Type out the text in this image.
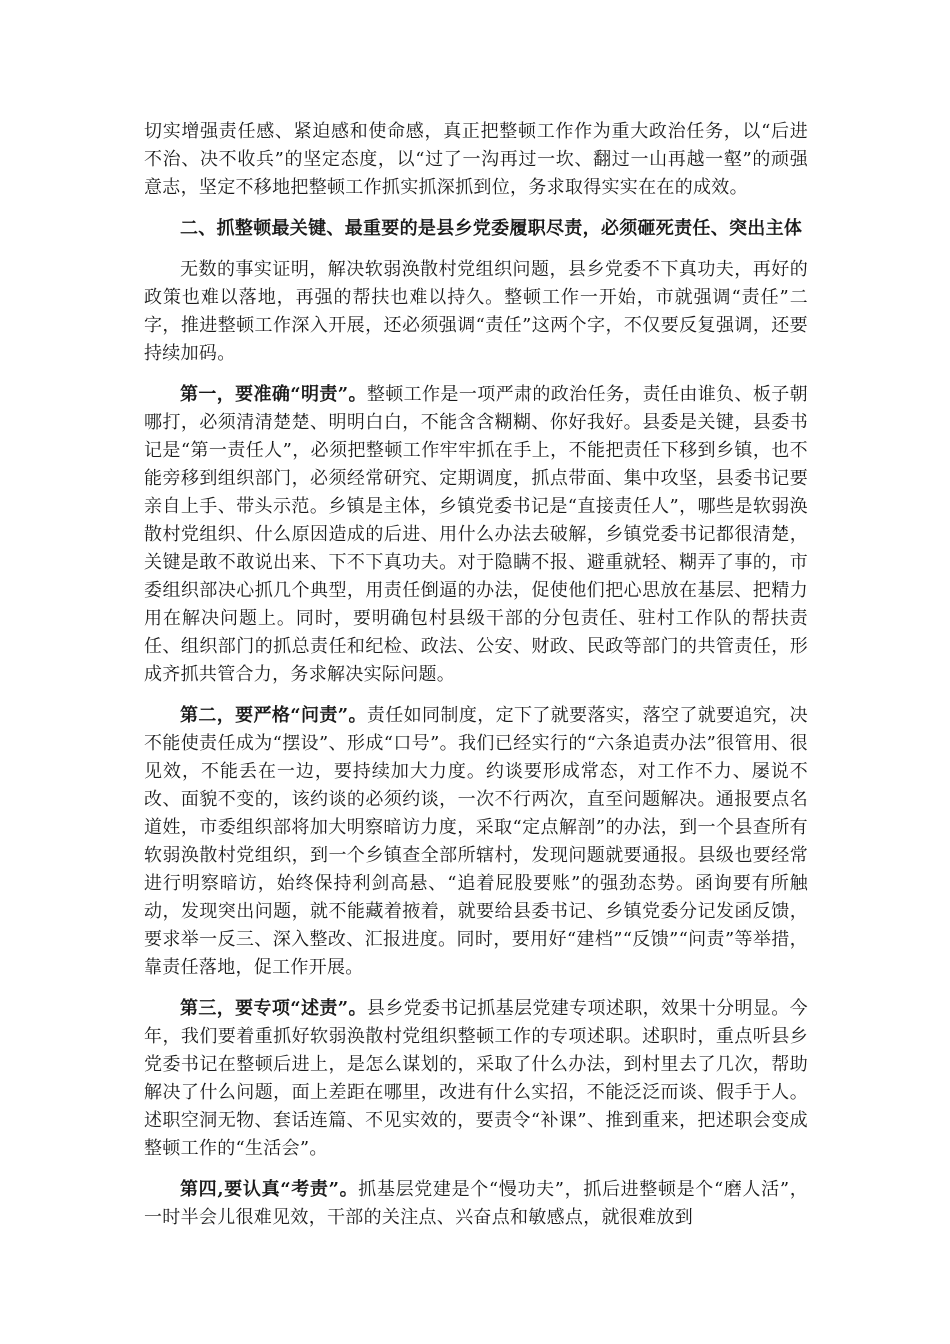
切实增强责任感、紧迫感和使命感，真正把整顿工作作为重大政治任务，以“后进不治、决不收兵”的坚定态度，以“过了一沟再过一坎、翻过一山再越一壑”的顽强意志，坚定不移地把整顿工作抓实抓深抓到位，务求取得实实在在的成效。

二、抓整顿最关键、最重要的是县乡党委履职尽责，必须砸死责任、突出主体

无数的事实证明，解决软弱涣散村党组织问题，县乡党委不下真功夫，再好的政策也难以落地，再强的帮扶也难以持久。整顿工作一开始，市就强调“责任”二字，推进整顿工作深入开展，还必须强调“责任”这两个字，不仅要反复强调，还要持续加码。

第一，要准确“明责”。整顿工作是一项严肃的政治任务，责任由谁负、板子朝哪打，必须清清楚楚、明明白白，不能含含糊糊、你好我好。县委是关键，县委书记是“第一责任人”，必须把整顿工作牢牢抓在手上，不能把责任下移到乡镇，也不能旁移到组织部门，必须经常研究、定期调度，抓点带面、集中攻坚，县委书记要亲自上手、带头示范。乡镇是主体，乡镇党委书记是“直接责任人”，哪些是软弱涣散村党组织、什么原因造成的后进、用什么办法去破解，乡镇党委书记都很清楚，关键是敢不敢说出来、下不下真功夫。对于隐瞒不报、避重就轻、糊弄了事的，市委组织部决心抓几个典型，用责任倒逼的办法，促使他们把心思放在基层、把精力用在解决问题上。同时，要明确包村县级干部的分包责任、驻村工作队的帮扶责任、组织部门的抓总责任和纪检、政法、公安、财政、民政等部门的共管责任，形成齐抓共管合力，务求解决实际问题。

第二，要严格“问责”。责任如同制度，定下了就要落实，落空了就要追究，决不能使责任成为“摆设”、形成“口号”。我们已经实行的“六条追责办法”很管用、很见效，不能丢在一边，要持续加大力度。约谈要形成常态，对工作不力、屡说不改、面貌不变的，该约谈的必须约谈，一次不行两次，直至问题解决。通报要点名道姓，市委组织部将加大明察暗访力度，采取“定点解剖”的办法，到一个县查所有软弱涣散村党组织，到一个乡镇查全部所辖村，发现问题就要通报。县级也要经常进行明察暗访，始终保持利剑高悬、“追着屁股要账”的强劲态势。函询要有所触动，发现突出问题，就不能藏着掖着，就要给县委书记、乡镇党委分记发函反馈，要求举一反三、深入整改、汇报进度。同时，要用好“建档”“反馈”“问责”等举措，靠责任落地，促工作开展。

第三，要专项“述责”。县乡党委书记抓基层党建专项述职，效果十分明显。今年，我们要着重抓好软弱涣散村党组织整顿工作的专项述职。述职时，重点听县乡党委书记在整顿后进上，是怎么谋划的，采取了什么办法，到村里去了几次，帮助解决了什么问题，面上差距在哪里，改进有什么实招，不能泛泛而谈、假手于人。述职空洞无物、套话连篇、不见实效的，要责令“补课”、推到重来，把述职会变成整顿工作的“生活会”。

第四,要认真“考责”。抓基层党建是个“慢功夫”，抓后进整顿是个“磨人活”，一时半会儿很难见效，干部的关注点、兴奋点和敏感点，就很难放到
